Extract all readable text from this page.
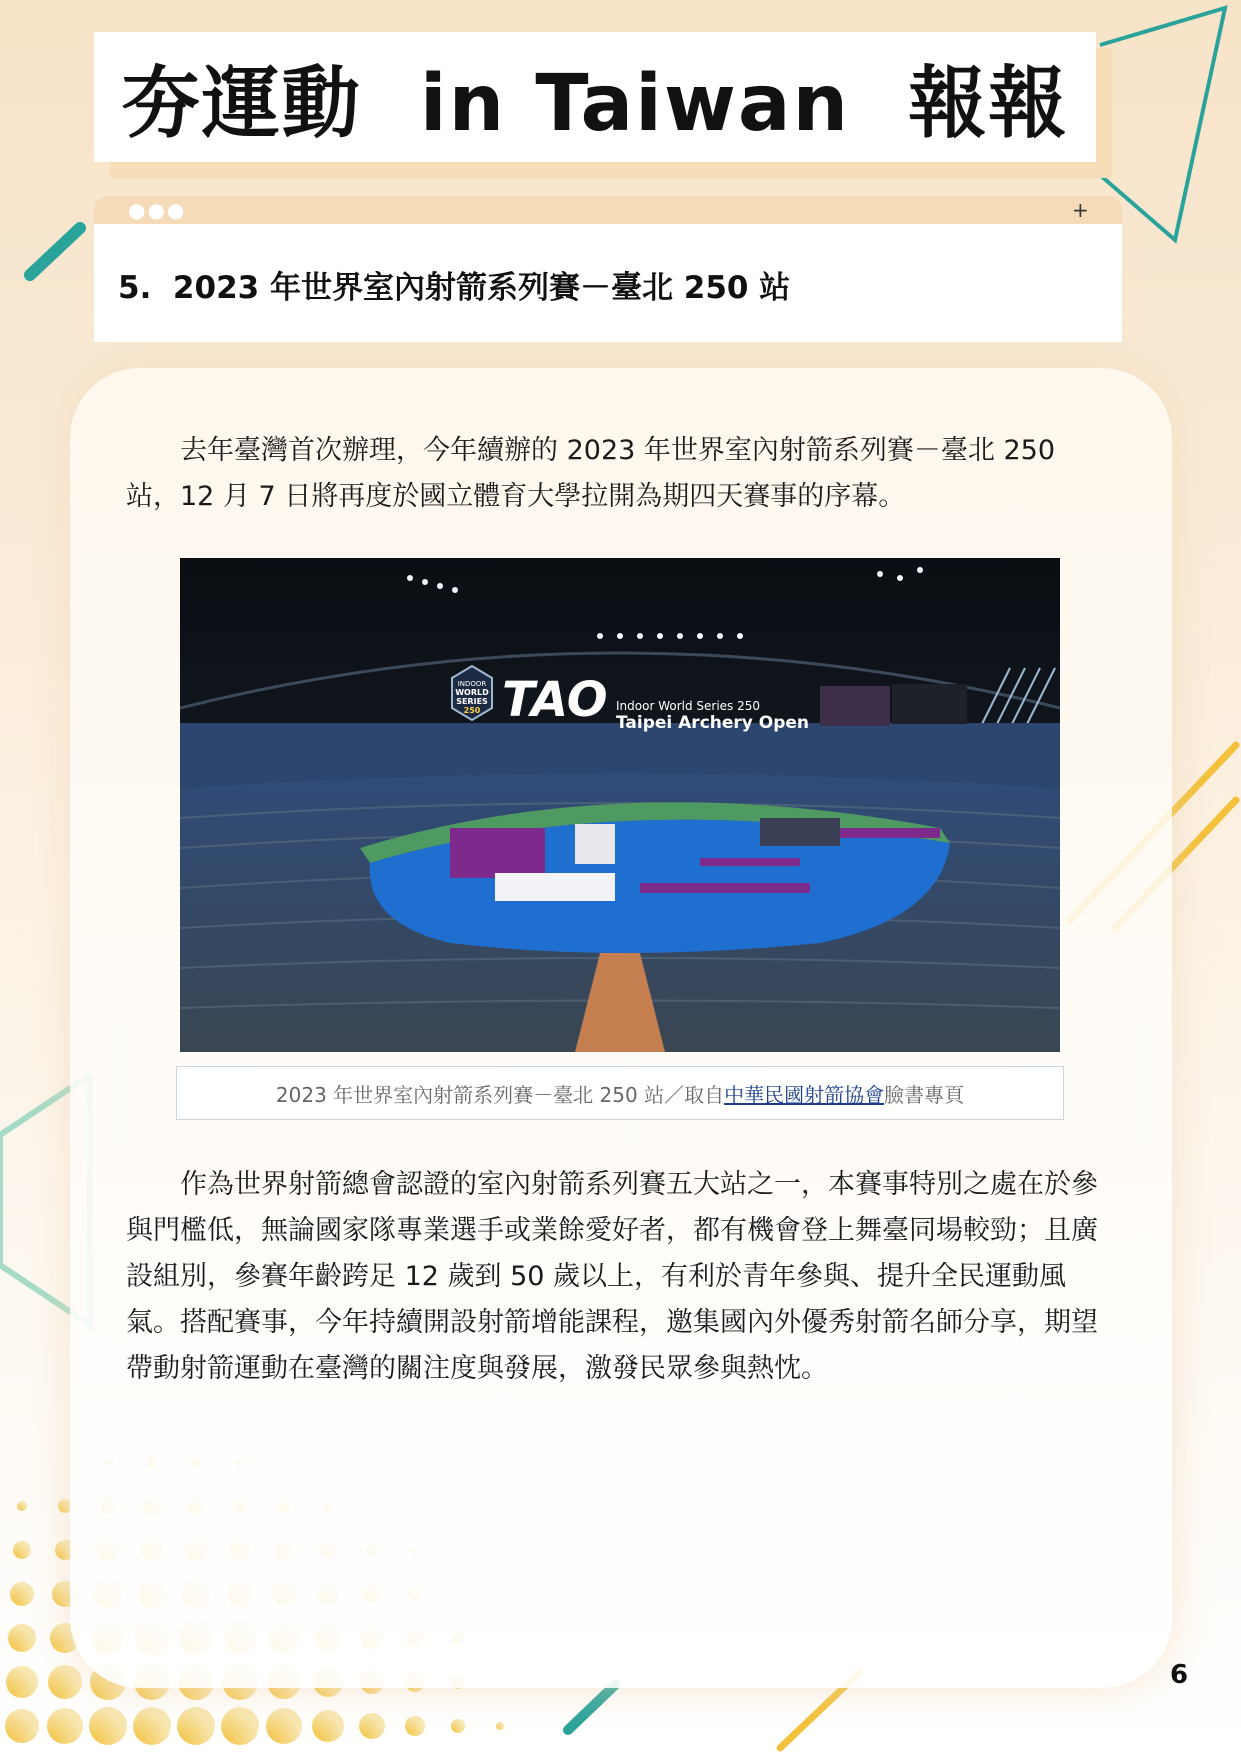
夯運動  in Taiwan  報報
●●●	+
5.  2023 年世界室內射箭系列賽－臺北 250 站
去年臺灣首次辦理，今年續辦的 2023 年世界室內射箭系列賽－臺北 250 站，12 月 7 日將再度於國立體育大學拉開為期四天賽事的序幕。
INDOOR
WORLD
SERIES
250 TAO Indoor World Series 250
Taipei Archery Open
2023 年世界室內射箭系列賽－臺北 250 站／取自 中華民國射箭協會 臉書專頁
作為世界射箭總會認證的室內射箭系列賽五大站之一，本賽事特別之處在於參與門檻低，無論國家隊專業選手或業餘愛好者，都有機會登上舞臺同場較勁；且廣設組別，參賽年齡跨足 12 歲到 50 歲以上，有利於青年參與、提升全民運動風氣。搭配賽事，今年持續開設射箭增能課程，邀集國內外優秀射箭名師分享，期望帶動射箭運動在臺灣的關注度與發展，激發民眾參與熱忱。
6
